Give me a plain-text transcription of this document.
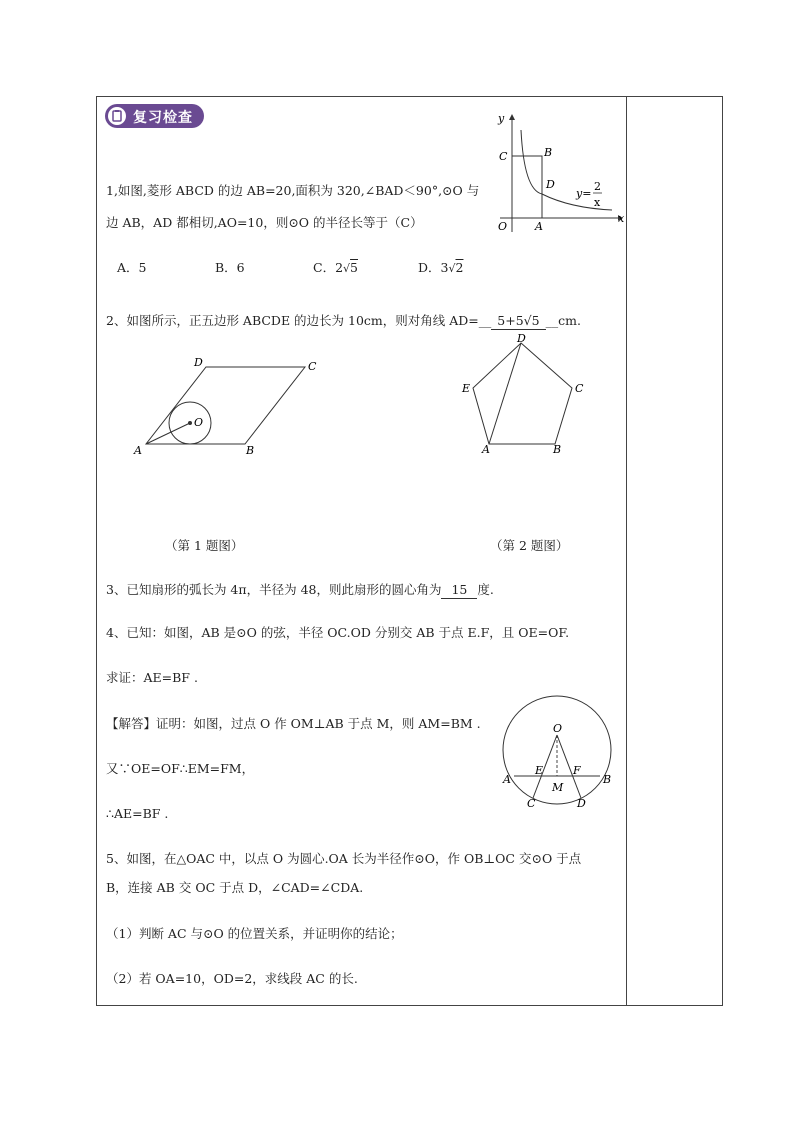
复习检查
1,如图,菱形 ABCD 的边 AB=20,面积为 320,∠BAD＜90°,⊙O 与
边 AB，AD 都相切,AO=10，则⊙O 的半径长等于（C）
A．5	B．6	C．2√5	D．3√2
2、如图所示，正五边形 ABCDE 的边长为 10cm，则对角线 AD=__ 5+5√5 __cm.
y
x
O
C	B
D
A
y=
2
x
D	C
O
A	B
D
E	C
A	B
（第 1 题图）	（第 2 题图）
3、已知扇形的弧长为 4π，半径为 48，则此扇形的圆心角为 15 度.
4、已知：如图，AB 是⊙O 的弦，半径 OC.OD 分别交 AB 于点 E.F，且 OE=OF.
求证：AE=BF .
【解答】证明：如图，过点 O 作 OM⊥AB 于点 M，则 AM=BM .
又∵OE=OF∴EM=FM，
∴AE=BF .
O
E	F
A	B
M
C	D
5、如图，在△OAC 中，以点 O 为圆心.OA 长为半径作⊙O，作 OB⊥OC 交⊙O 于点
B，连接 AB 交 OC 于点 D，∠CAD=∠CDA.
（1）判断 AC 与⊙O 的位置关系，并证明你的结论；
（2）若 OA=10，OD=2，求线段 AC 的长.
